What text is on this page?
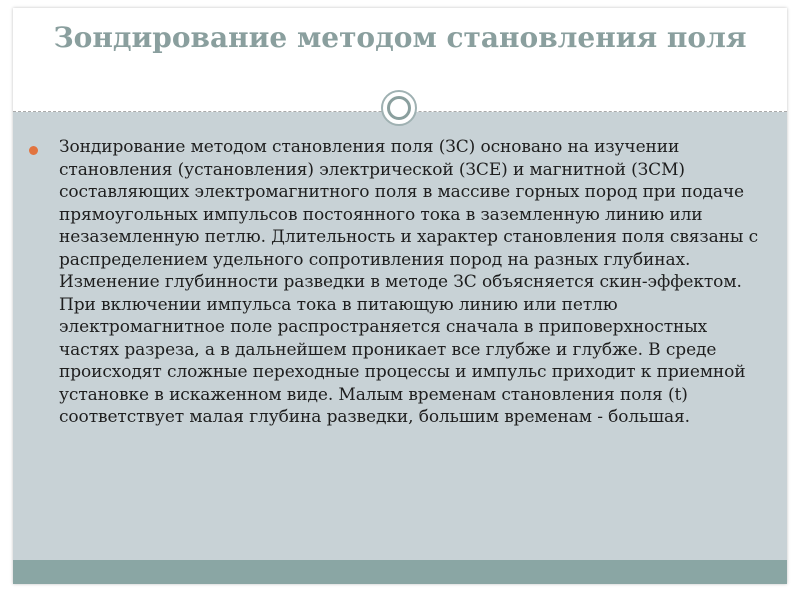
Зондирование методом становления поля

Зондирование методом становления поля (ЗС) основано на изучении становления (установления) электрической (ЗСЕ) и магнитной (ЗСМ) составляющих электромагнитного поля в массиве горных пород при подаче прямоугольных импульсов постоянного тока в заземленную линию или незаземленную петлю. Длительность и характер становления поля связаны с распределением удельного сопротивления пород на разных глубинах. Изменение глубинности разведки в методе ЗС объясняется скин-эффектом. При включении импульса тока в питающую линию или петлю электромагнитное поле распространяется сначала в приповерхностных частях разреза, а в дальнейшем проникает все глубже и глубже. В среде происходят сложные переходные процессы и импульс приходит к приемной установке в искаженном виде. Малым временам становления поля (t) соответствует малая глубина разведки, большим временам - большая.
